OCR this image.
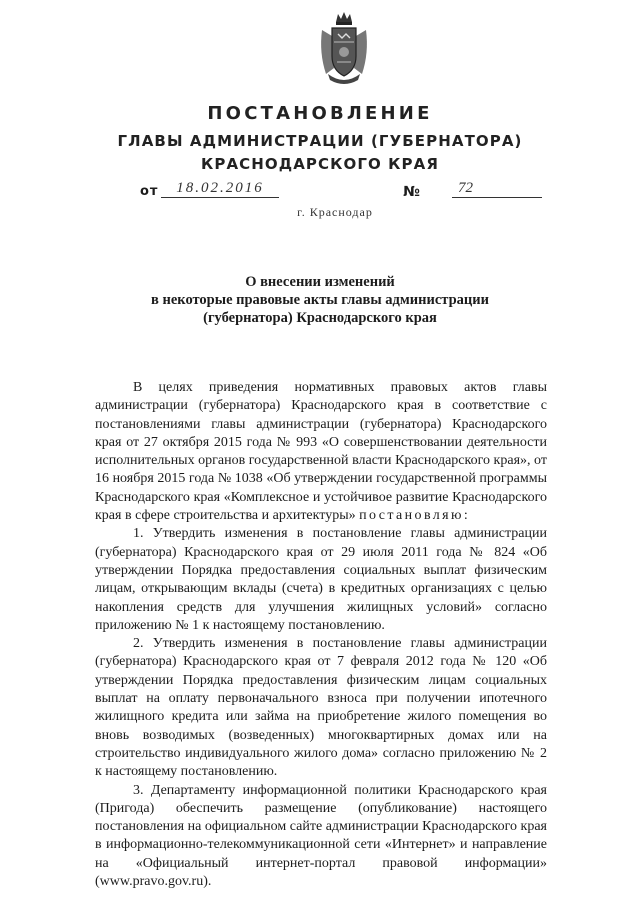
ПОСТАНОВЛЕНИЕ
ГЛАВЫ АДМИНИСТРАЦИИ (ГУБЕРНАТОРА)
КРАСНОДАРСКОГО КРАЯ
от	18.02.2016	№	72
г. Краснодар
О внесении изменений
в некоторые правовые акты главы администрации
(губернатора) Краснодарского края

В целях приведения нормативных правовых актов главы администрации (губернатора) Краснодарского края в соответствие с постановлениями главы администрации (губернатора) Краснодарского края от 27 октября 2015 года № 993 «О совершенствовании деятельности исполнительных органов государственной власти Краснодарского края», от 16 ноября 2015 года № 1038 «Об утверждении государственной программы Краснодарского края «Комплексное и устойчивое развитие Краснодарского края в сфере строительства и архитектуры» постановляю:

1. Утвердить изменения в постановление главы администрации (губернатора) Краснодарского края от 29 июля 2011 года № 824 «Об утверждении Порядка предоставления социальных выплат физическим лицам, открывающим вклады (счета) в кредитных организациях с целью накопления средств для улучшения жилищных условий» согласно приложению № 1 к настоящему постановлению.

2. Утвердить изменения в постановление главы администрации (губернатора) Краснодарского края от 7 февраля 2012 года № 120 «Об утверждении Порядка предоставления физическим лицам социальных выплат на оплату первоначального взноса при получении ипотечного жилищного кредита или займа на приобретение жилого помещения во вновь возводимых (возведенных) многоквартирных домах или на строительство индивидуального жилого дома» согласно приложению № 2 к настоящему постановлению.

3. Департаменту информационной политики Краснодарского края (Пригода) обеспечить размещение (опубликование) настоящего постановления на официальном сайте администрации Краснодарского края в информационно-телекоммуникационной сети «Интернет» и направление на «Официальный интернет-портал правовой информации» (www.pravo.gov.ru).
